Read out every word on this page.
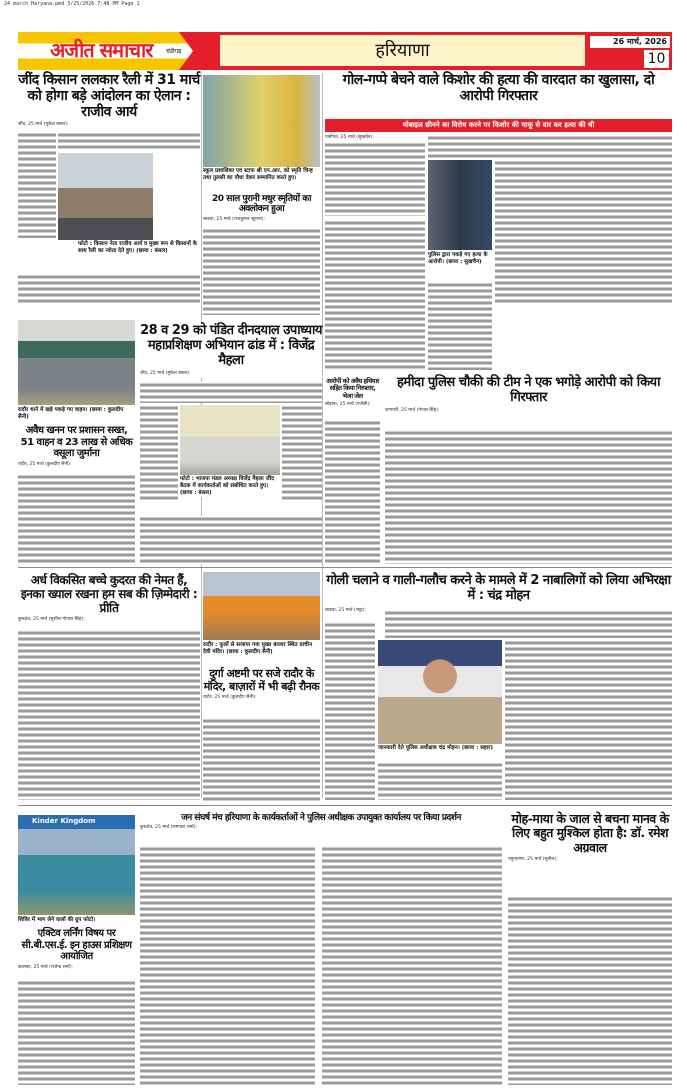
24 march Haryana.pmd 3/25/2026 7:48 PM Page 1
अजीत समाचार चंडीगढ़	हरियाणा	26 मार्च, 2026
10
जींद किसान ललकार रैली में 31 मार्च को होगा बड़े आंदोलन का ऐलान : राजीव आर्य
जींद, 25 मार्च (मुकेश बंसल):
फोटो : किसान नेता राजीव आर्य व मुख्य रूप से किसानों के साथ रैली का न्योता देते हुए। (छाया : बंसल)
स्कूल प्रशासिका एवं स्टाफ श्री एन.आर. को स्मृति चिन्ह तथा तुलसी का पौधा देकर सम्मानित करते हुए।
20 साल पुरानी मधुर स्मृतियों का अवलोकन हुआ
लाडवा, 25 मार्च (राजकुमार खुराना):
गोल-गप्पे बेचने वाले किशोर की हत्या की वारदात का खुलासा, दो आरोपी गिरफ्तार
मोबाइल छीनने का विरोध करने पर किशोर की चाकू से वार कर हत्या की थी
पानीपत, 25 मार्च (सुखचैन):
पुलिस द्वारा पकड़े गए हत्या के आरोपी। (छाया : सुखचैन)
रादौर थाने में खड़े पकड़े गए वाहन। (छाया : कुलदीप सैनी)
अवैध खनन पर प्रशासन सख्त, 51 वाहन व 23 लाख से अधिक वसूला जुर्माना
रादौर, 25 मार्च (कुलदीप सैनी):
28 व 29 को पंडित दीनदयाल उपाध्याय महाप्रशिक्षण अभियान ढांड में : विजेंद्र मैहला
जींद, 25 मार्च (मुकेश बंसल):
फोटो : भाजपा मंडल अध्यक्ष विजेंद्र मैहला जींद बैठक में कार्यकर्ताओं को संबोधित करते हुए। (छाया : बंसल)
आरोपी को अवैध हथियार सहित किया गिरफ्तार, भेजा जेल
सोहाना, 25 मार्च (एजेंसी):
हमीदा पुलिस चौकी की टीम ने एक भगोड़े आरोपी को किया गिरफ्तार
जगाधरी, 25 मार्च (नेपाल सिंह):
अर्ध विकसित बच्चे कुदरत की नेमत हैं, इनका ख्याल रखना हम सब की ज़िम्मेदारी : प्रीति
कुरुक्षेत्र, 25 मार्च (सुशील गोपाल सिंह):
रादौर : फूलों से सजाया गया मुख्य बाजार स्थित प्राचीन देवी मंदिर। (छाया : कुलदीप सैनी)
दुर्गा अष्टमी पर सजे रादौर के मंदिर, बाज़ारों में भी बढ़ी रौनक
रादौर, 25 मार्च (कुलदीप सैनी):
गोली चलाने व गाली-गलौच करने के मामले में 2 नाबालिगों को लिया अभिरक्षा में : चंद्र मोहन
लाडवा, 25 मार्च (भट्टा):
जानकारी देते पुलिस अधीक्षक चंद्र मोहन। (छाया : सहार)
Kinder Kingdom
शिविर में भाग लेने वालों की ग्रुप फोटो।
एक्टिव लर्निंग विषय पर सी.बी.एस.ई. इन हाउस प्रशिक्षण आयोजित
कालका, 25 मार्च (राजेन्द्र शर्मा):
जन संघर्ष मंच हरियाणा के कार्यकर्ताओं ने पुलिस अधीक्षक उपायुक्त कार्यालय पर किया प्रदर्शन
कुरुक्षेत्र, 25 मार्च (रामपाल शर्मा):
मोह-माया के जाल से बचना मानव के लिए बहुत मुश्किल होता है: डॉ. रमेश अग्रवाल
यमुनानगर, 25 मार्च (सुनील):
